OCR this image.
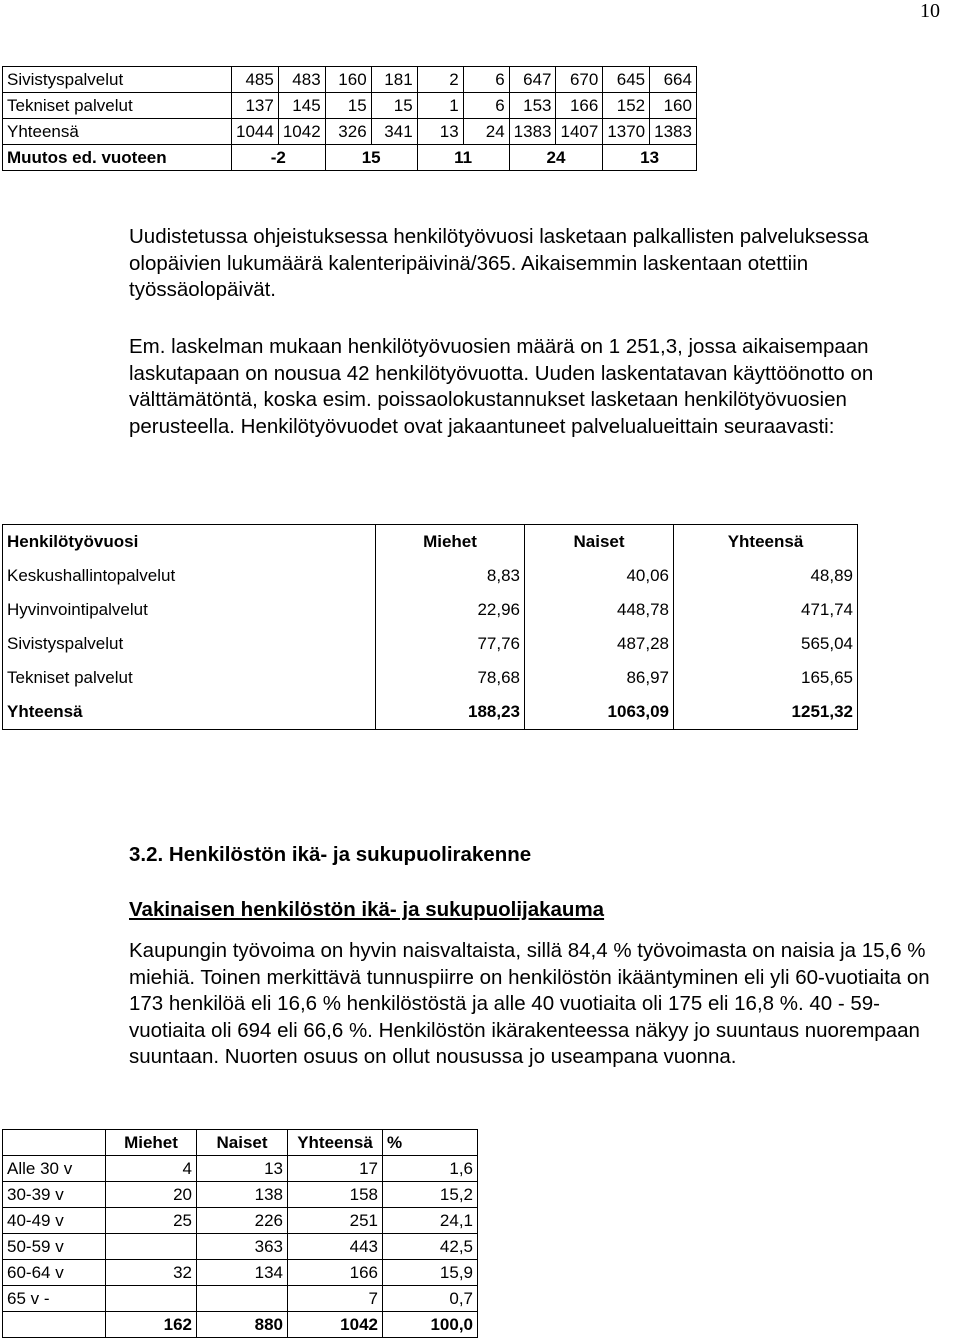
10
Sivistyspalvelut	485	483	160	181	2	6	647	670	645	664
Tekniset palvelut	137	145	15	15	1	6	153	166	152	160
Yhteensä	1044	1042	326	341	13	24	1383	1407	1370	1383
Muutos ed. vuoteen	-2		15		11		24		13	

Uudistetussa ohjeistuksessa henkilötyövuosi lasketaan palkallisten palveluksessa olopäivien lukumäärä kalenteripäivinä/365. Aikaisemmin laskentaan otettiin työssäolopäivät.

Em. laskelman mukaan henkilötyövuosien määrä on 1 251,3, jossa aikaisempaan laskutapaan on nousua 42 henkilötyövuotta. Uuden laskentatavan käyttöönotto on välttämätöntä, koska esim. poissaolokustannukset lasketaan henkilötyövuosien perusteella. Henkilötyövuodet ovat jakaantuneet palvelualueittain seuraavasti:

Henkilötyövuosi	Miehet	Naiset	Yhteensä
Keskushallintopalvelut	8,83	40,06	48,89
Hyvinvointipalvelut	22,96	448,78	471,74
Sivistyspalvelut	77,76	487,28	565,04
Tekniset palvelut	78,68	86,97	165,65
Yhteensä	188,23	1063,09	1251,32
3.2. Henkilöstön ikä- ja sukupuolirakenne
Vakinaisen henkilöstön ikä- ja sukupuolijakauma

Kaupungin työvoima on hyvin naisvaltaista, sillä 84,4 % työvoimasta on naisia ja 15,6 % miehiä. Toinen merkittävä tunnuspiirre on henkilöstön ikääntyminen eli yli 60-vuotiaita on 173 henkilöä eli 16,6 % henkilöstöstä ja alle 40 vuotiaita oli 175 eli 16,8 %. 40 - 59-vuotiaita oli 694 eli 66,6 %. Henkilöstön ikärakenteessa näkyy jo suuntaus nuorempaan suuntaan. Nuorten osuus on ollut nousussa jo useampana vuonna.

	Miehet	Naiset	Yhteensä	%
Alle 30 v	4	13	17	1,6
30-39 v	20	138	158	15,2
40-49 v	25	226	251	24,1
50-59 v		363	443	42,5
60-64 v	32	134	166	15,9
65 v -			7	0,7
	162	880	1042	100,0
